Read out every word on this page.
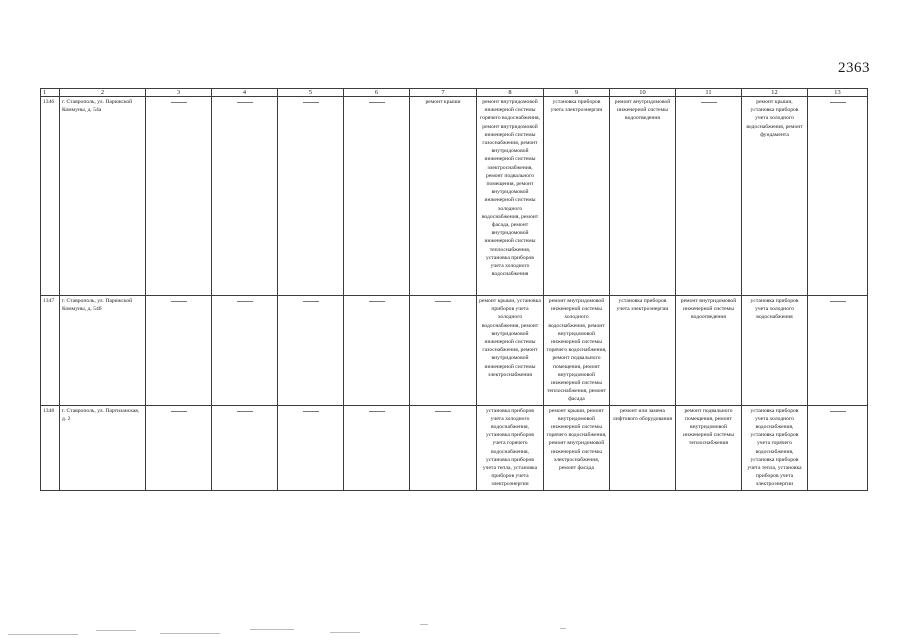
2363
1	2	3	4	5	6	7	8	9	10	11	12	13
1346	г. Ставрополь, ул. Парижской Коммуны, д. 54а					ремонт крыши	ремонт внутридомовой инженерной системы горячего водоснабжения, ремонт внутридомовой инженерной системы газоснабжения, ремонт внутридомовой инженерной системы электроснабжения, ремонт подвального помещения, ремонт внутридомовой инженерной системы холодного водоснабжения, ремонт фасада, ремонт внутридомовой инженерной системы теплоснабжения, установка приборов учета холодного водоснабжения	установка приборов учета электроэнергии	ремонт внутридомовой инженерной системы водоотведения		ремонт крыши, установка приборов учета холодного водоснабжения, ремонт фундамента	
1347	г. Ставрополь, ул. Парижской Коммуны, д. 54б						ремонт крыши, установка приборов учета холодного водоснабжения, ремонт внутридомовой инженерной системы газоснабжения, ремонт внутридомовой инженерной системы электроснабжения	ремонт внутридомовой инженерной системы холодного водоснабжения, ремонт внутридомовой инженерной системы горячего водоснабжения, ремонт подвального помещения, ремонт внутридомовой инженерной системы теплоснабжения, ремонт фасада	установка приборов учета электроэнергии	ремонт внутридомовой инженерной системы водоотведения	установка приборов учета холодного водоснабжения	
1348	г. Ставрополь, ул. Партизанская, д. 2						установка приборов учета холодного водоснабжения, установка приборов учета горячего водоснабжения, установка приборов учета тепла, установка приборов учета электроэнергии	ремонт крыши, ремонт внутридомовой инженерной системы горячего водоснабжения, ремонт внутридомовой инженерной системы электроснабжения, ремонт фасада	ремонт или замена лифтового оборудования	ремонт подвального помещения, ремонт внутридомовой инженерной системы теплоснабжения	установка приборов учета холодного водоснабжения, установка приборов учета горячего водоснабжения, установка приборов учета тепла, установка приборов учета электроэнергии	
